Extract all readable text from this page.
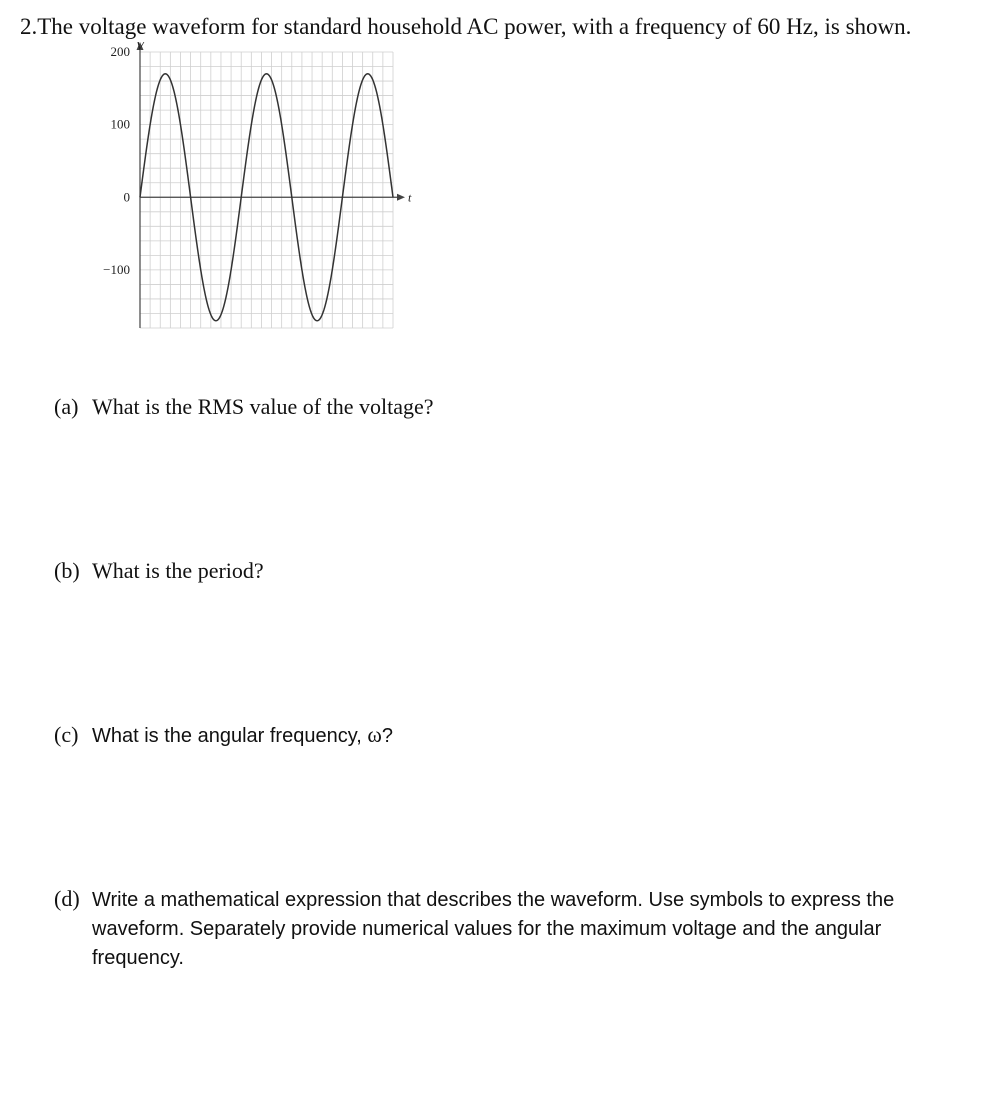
2.The voltage waveform for standard household AC power, with a frequency of 60 Hz, is shown.
V
t
200
100
0
−100

(a) What is the RMS value of the voltage?

(b) What is the period?

(c) What is the angular frequency, ω?

(d) Write a mathematical expression that describes the waveform. Use symbols to express the waveform. Separately provide numerical values for the maximum voltage and the angular frequency.
